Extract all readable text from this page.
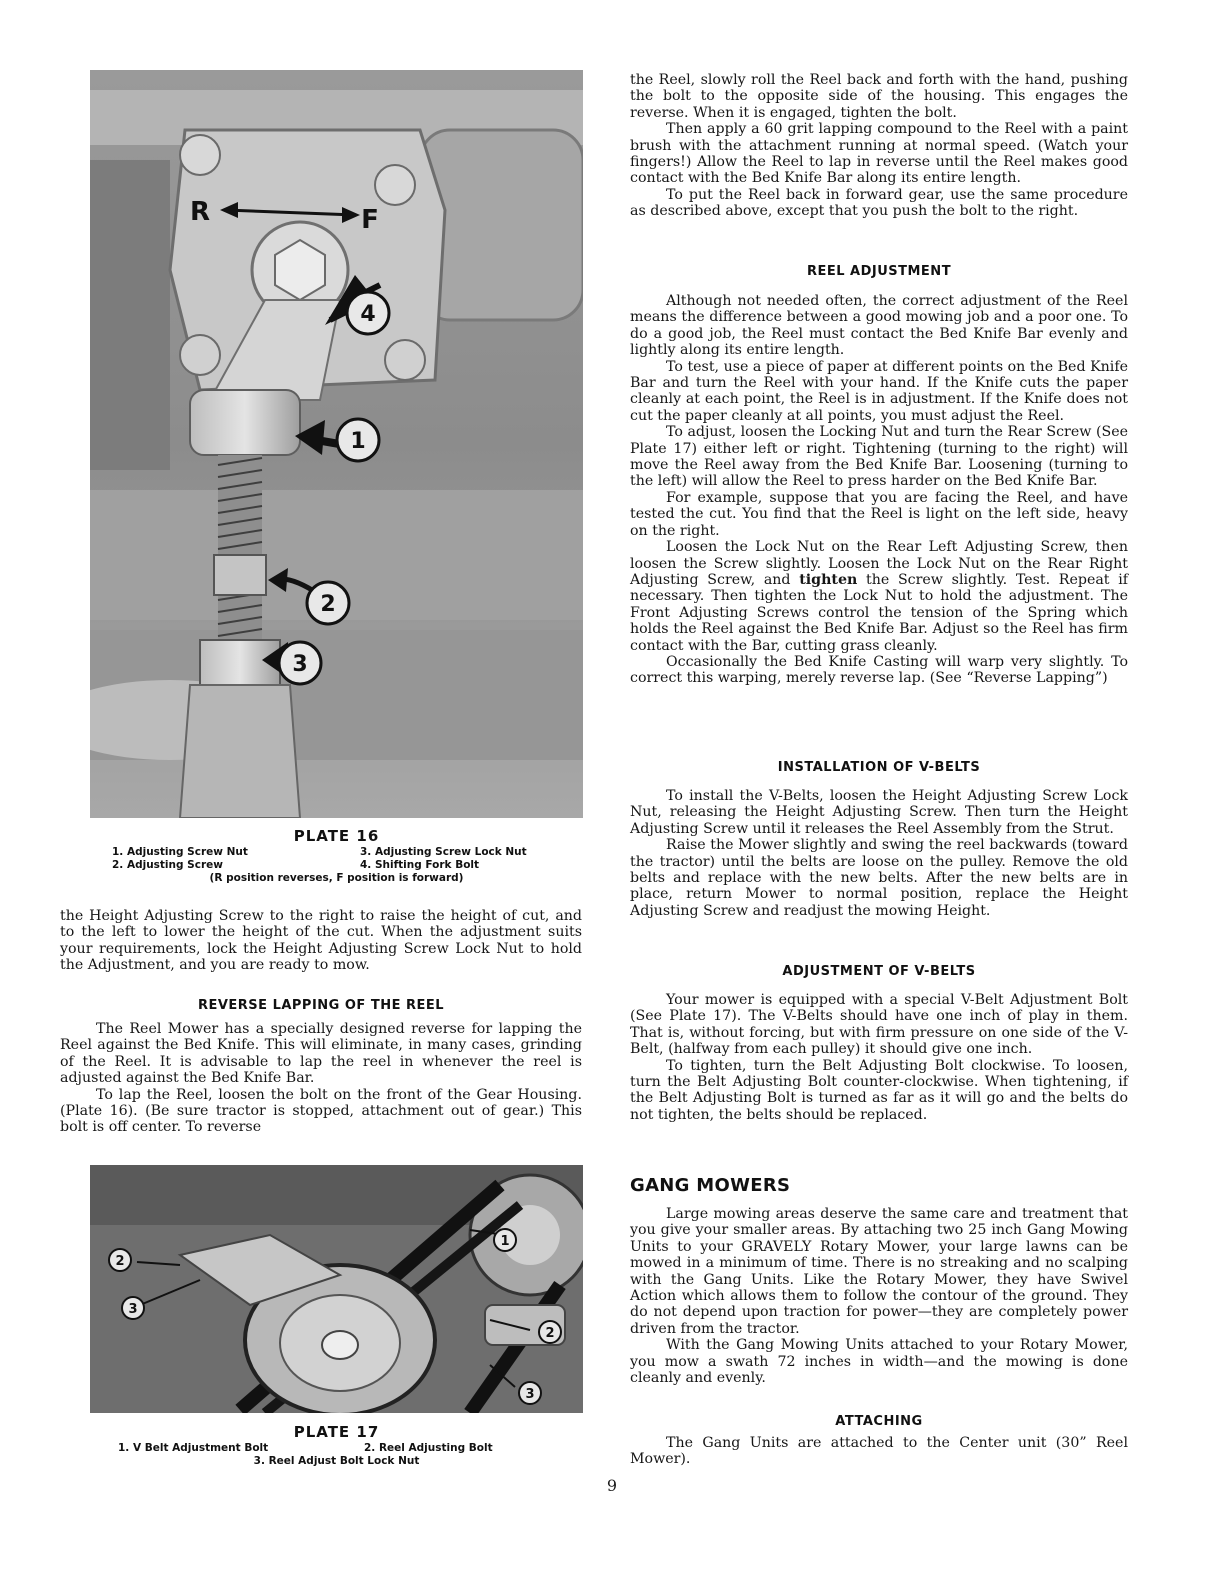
R	F
4
1
2
3
PLATE 16
1. Adjusting Screw Nut	3. Adjusting Screw Lock Nut
2. Adjusting Screw	4. Shifting Fork Bolt
(R position reverses, F position is forward)

the Height Adjusting Screw to the right to raise the height of cut, and to the left to lower the height of the cut. When the adjustment suits your requirements, lock the Height Adjusting Screw Lock Nut to hold the Adjustment, and you are ready to mow.

REVERSE LAPPING OF THE REEL

The Reel Mower has a specially designed reverse for lapping the Reel against the Bed Knife. This will eliminate, in many cases, grinding of the Reel. It is advisable to lap the reel in whenever the reel is adjusted against the Bed Knife Bar.

To lap the Reel, loosen the bolt on the front of the Gear Housing. (Plate 16). (Be sure tractor is stopped, attachment out of gear.) This bolt is off center. To reverse

1
2
3
2
3
PLATE 17
1. V Belt Adjustment Bolt	2. Reel Adjusting Bolt
3. Reel Adjust Bolt Lock Nut

the Reel, slowly roll the Reel back and forth with the hand, pushing the bolt to the opposite side of the housing. This engages the reverse. When it is engaged, tighten the bolt.

Then apply a 60 grit lapping compound to the Reel with a paint brush with the attachment running at normal speed. (Watch your fingers!) Allow the Reel to lap in reverse until the Reel makes good contact with the Bed Knife Bar along its entire length.

To put the Reel back in forward gear, use the same procedure as described above, except that you push the bolt to the right.

REEL ADJUSTMENT

Although not needed often, the correct adjustment of the Reel means the difference between a good mowing job and a poor one. To do a good job, the Reel must contact the Bed Knife Bar evenly and lightly along its entire length.

To test, use a piece of paper at different points on the Bed Knife Bar and turn the Reel with your hand. If the Knife cuts the paper cleanly at each point, the Reel is in adjustment. If the Knife does not cut the paper cleanly at all points, you must adjust the Reel.

To adjust, loosen the Locking Nut and turn the Rear Screw (See Plate 17) either left or right. Tightening (turning to the right) will move the Reel away from the Bed Knife Bar. Loosening (turning to the left) will allow the Reel to press harder on the Bed Knife Bar.

For example, suppose that you are facing the Reel, and have tested the cut. You find that the Reel is light on the left side, heavy on the right.

Loosen the Lock Nut on the Rear Left Adjusting Screw, then loosen the Screw slightly. Loosen the Lock Nut on the Rear Right Adjusting Screw, and tighten the Screw slightly. Test. Repeat if necessary. Then tighten the Lock Nut to hold the adjustment. The Front Adjusting Screws control the tension of the Spring which holds the Reel against the Bed Knife Bar. Adjust so the Reel has firm contact with the Bar, cutting grass cleanly.

Occasionally the Bed Knife Casting will warp very slightly. To correct this warping, merely reverse lap. (See “Reverse Lapping”)

INSTALLATION OF V-BELTS

To install the V-Belts, loosen the Height Adjusting Screw Lock Nut, releasing the Height Adjusting Screw. Then turn the Height Adjusting Screw until it releases the Reel Assembly from the Strut.

Raise the Mower slightly and swing the reel backwards (toward the tractor) until the belts are loose on the pulley. Remove the old belts and replace with the new belts. After the new belts are in place, return Mower to normal position, replace the Height Adjusting Screw and readjust the mowing Height.

ADJUSTMENT OF V-BELTS

Your mower is equipped with a special V-Belt Adjustment Bolt (See Plate 17). The V-Belts should have one inch of play in them. That is, without forcing, but with firm pressure on one side of the V-Belt, (halfway from each pulley) it should give one inch.

To tighten, turn the Belt Adjusting Bolt clockwise. To loosen, turn the Belt Adjusting Bolt counter-clockwise. When tightening, if the Belt Adjusting Bolt is turned as far as it will go and the belts do not tighten, the belts should be replaced.

GANG MOWERS

Large mowing areas deserve the same care and treatment that you give your smaller areas. By attaching two 25 inch Gang Mowing Units to your GRAVELY Rotary Mower, your large lawns can be mowed in a minimum of time. There is no streaking and no scalping with the Gang Units. Like the Rotary Mower, they have Swivel Action which allows them to follow the contour of the ground. They do not depend upon traction for power—they are completely power driven from the tractor.

With the Gang Mowing Units attached to your Rotary Mower, you mow a swath 72 inches in width—and the mowing is done cleanly and evenly.

ATTACHING

The Gang Units are attached to the Center unit (30” Reel Mower).

9
